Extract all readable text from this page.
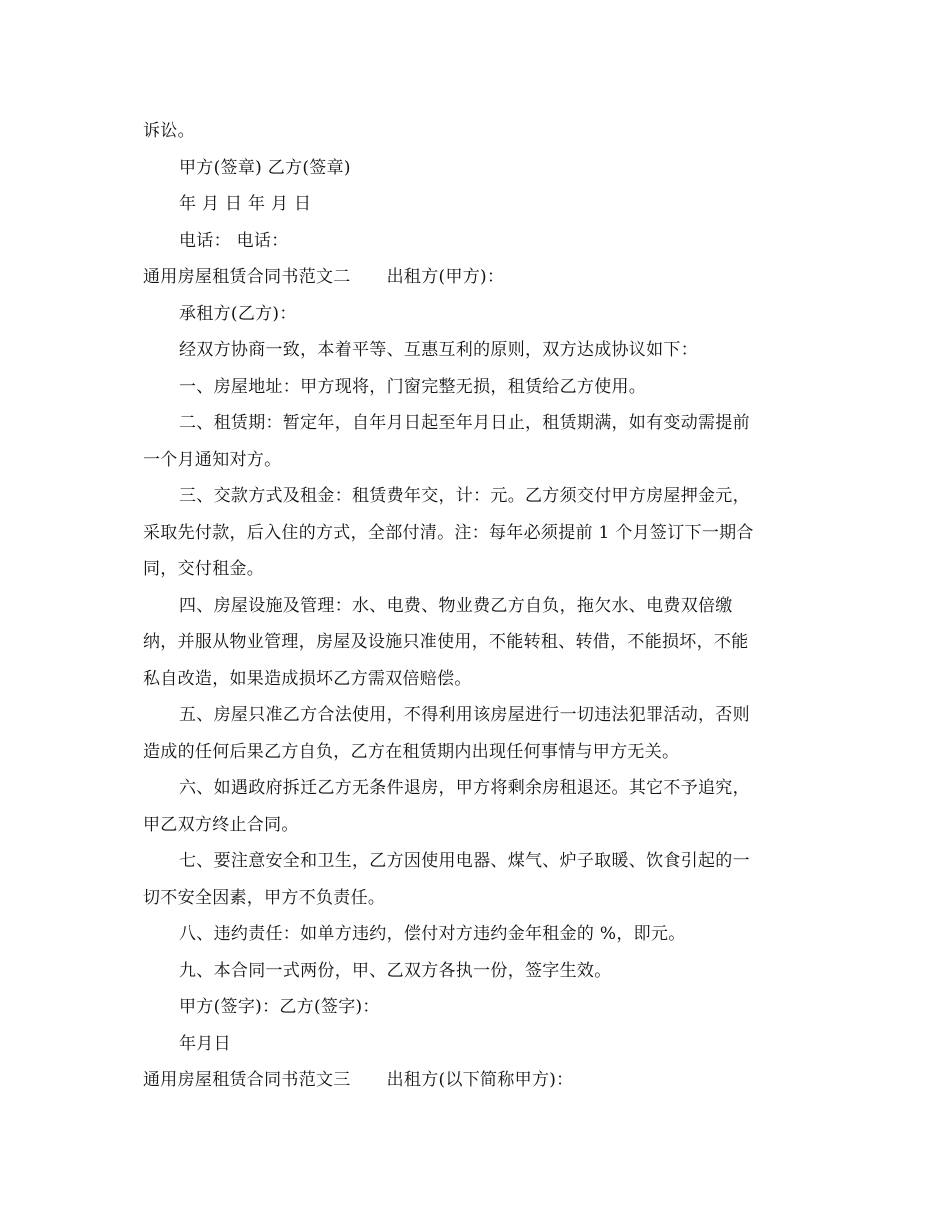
诉讼。
甲方(签章) 乙方(签章)
年 月 日 年 月 日
电话： 电话：
通用房屋租赁合同书范文二 出租方(甲方)：
承租方(乙方)：
经双方协商一致，本着平等、互惠互利的原则，双方达成协议如下：
一、房屋地址：甲方现将，门窗完整无损，租赁给乙方使用。
二、租赁期：暂定年，自年月日起至年月日止，租赁期满，如有变动需提前
一个月通知对方。
三、交款方式及租金：租赁费年交，计：元。乙方须交付甲方房屋押金元，
采取先付款，后入住的方式，全部付清。注：每年必须提前 1 个月签订下一期合
同，交付租金。
四、房屋设施及管理：水、电费、物业费乙方自负，拖欠水、电费双倍缴
纳，并服从物业管理，房屋及设施只准使用，不能转租、转借，不能损坏，不能
私自改造，如果造成损坏乙方需双倍赔偿。
五、房屋只准乙方合法使用，不得利用该房屋进行一切违法犯罪活动，否则
造成的任何后果乙方自负，乙方在租赁期内出现任何事情与甲方无关。
六、如遇政府拆迁乙方无条件退房，甲方将剩余房租退还。其它不予追究，
甲乙双方终止合同。
七、要注意安全和卫生，乙方因使用电器、煤气、炉子取暖、饮食引起的一
切不安全因素，甲方不负责任。
八、违约责任：如单方违约，偿付对方违约金年租金的 %，即元。
九、本合同一式两份，甲、乙双方各执一份，签字生效。
甲方(签字)：乙方(签字)：
年月日
通用房屋租赁合同书范文三 出租方(以下简称甲方)：
